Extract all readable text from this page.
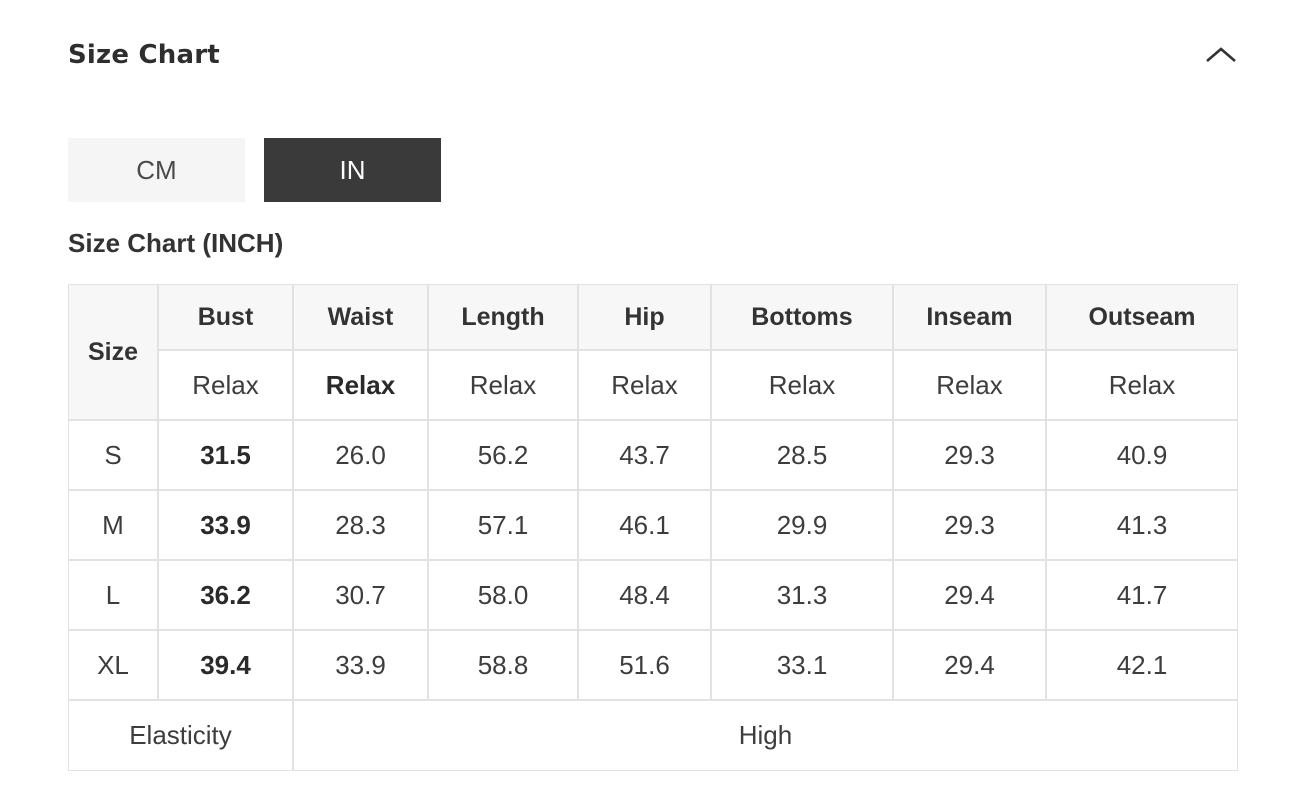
Size Chart
CM	IN
Size Chart (INCH)
Size	Bust	Waist	Length	Hip	Bottoms	Inseam	Outseam
	Relax	Relax	Relax	Relax	Relax	Relax	Relax
S	31.5	26.0	56.2	43.7	28.5	29.3	40.9
M	33.9	28.3	57.1	46.1	29.9	29.3	41.3
L	36.2	30.7	58.0	48.4	31.3	29.4	41.7
XL	39.4	33.9	58.8	51.6	33.1	29.4	42.1
Elasticity		High					
